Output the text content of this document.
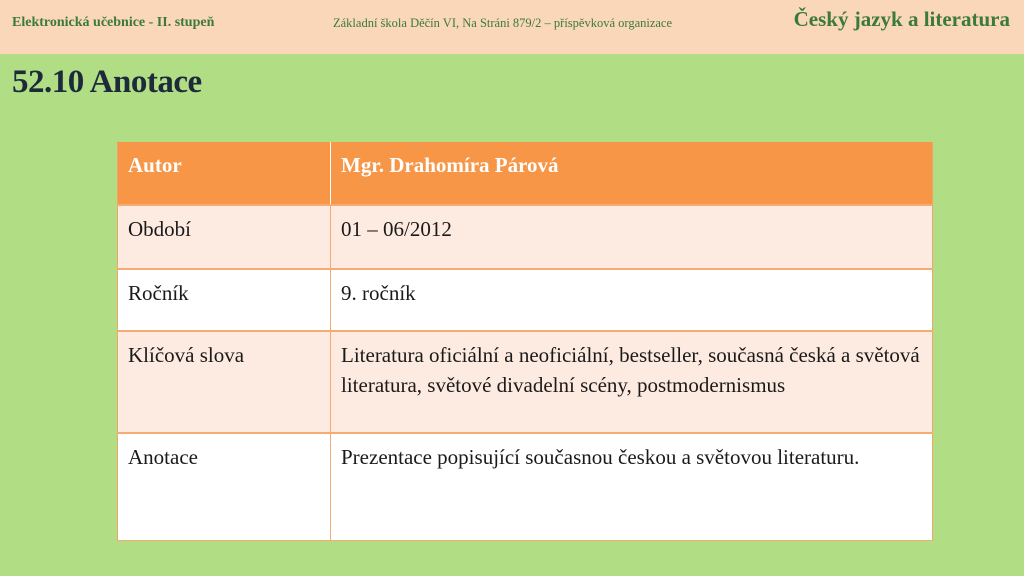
Elektronická učebnice - II. stupeň	Základní škola Děčín VI, Na Stráni 879/2 – příspěvková organizace	Český jazyk a literatura
52.10 Anotace
Autor	Mgr. Drahomíra Párová
Období	01 – 06/2012
Ročník	9. ročník
Klíčová slova	Literatura oficiální a neoficiální, bestseller, současná česká a světová literatura, světové divadelní scény, postmodernismus
Anotace	Prezentace popisující současnou českou a světovou literaturu.
